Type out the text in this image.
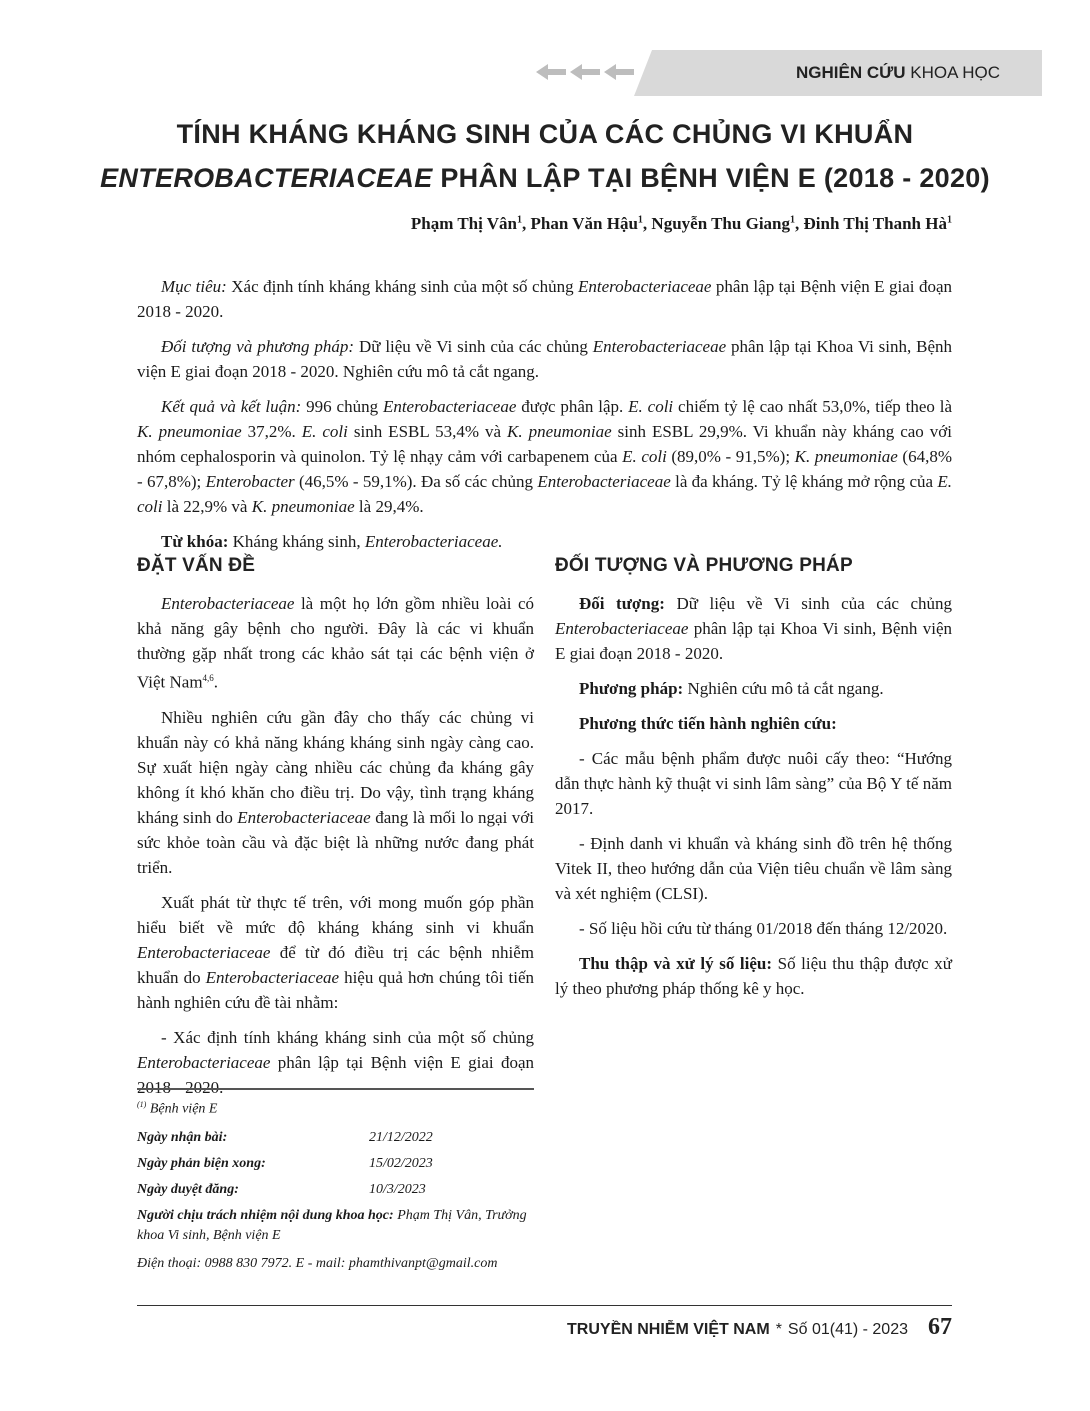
NGHIÊN CỨU KHOA HỌC
TÍNH KHÁNG KHÁNG SINH CỦA CÁC CHỦNG VI KHUẨN
ENTEROBACTERIACEAE PHÂN LẬP TẠI BỆNH VIỆN E (2018 - 2020)
Phạm Thị Vân$^1$, Phan Văn Hậu$^1$, Nguyễn Thu Giang$^1$, Đinh Thị Thanh $Hà^1$

Mục tiêu: Xác định tính kháng kháng sinh của một số chủng Enterobacteriaceae phân lập tại Bệnh viện E giai đoạn 2018 - 2020.

Đối tượng và phương pháp: Dữ liệu về Vi sinh của các chủng Enterobacteriaceae phân lập tại Khoa Vi sinh, Bệnh viện E giai đoạn 2018 - 2020. Nghiên cứu mô tả cắt ngang.

Kết quả và kết luận: 996 chủng Enterobacteriaceae được phân lập. E. coli chiếm tỷ lệ cao nhất 53,0%, tiếp theo là K. pneumoniae 37,2%. E. coli sinh ESBL 53,4% và K. pneumoniae sinh ESBL 29,9%. Vi khuẩn này kháng cao với nhóm cephalosporin và quinolon. Tỷ lệ nhạy cảm với carbapenem của E. coli (89,0% - 91,5%); K. pneumoniae (64,8% - 67,8%); Enterobacter (46,5% - 59,1%). Đa số các chủng Enterobacteriaceae là đa kháng. Tỷ lệ kháng mở rộng của E. coli là 22,9% và K. pneumoniae là 29,4%.

Từ khóa: Kháng kháng sinh, Enterobacteriaceae.

ĐẶT VẤN ĐỀ

Enterobacteriaceae là một họ lớn gồm nhiều loài có khả năng gây bệnh cho người. Đây là các vi khuẩn thường gặp nhất trong các khảo sát tại các bệnh viện ở Việt Nam$^{4,6}$.

Nhiều nghiên cứu gần đây cho thấy các chủng vi khuẩn này có khả năng kháng kháng sinh ngày càng cao. Sự xuất hiện ngày càng nhiều các chủng đa kháng gây không ít khó khăn cho điều trị. Do vậy, tình trạng kháng kháng sinh do Enterobacteriaceae đang là mối lo ngại với sức khỏe toàn cầu và đặc biệt là những nước đang phát triển.

Xuất phát từ thực tế trên, với mong muốn góp phần hiểu biết về mức độ kháng kháng sinh vi khuẩn Enterobacteriaceae để từ đó điều trị các bệnh nhiễm khuẩn do Enterobacteriaceae hiệu quả hơn chúng tôi tiến hành nghiên cứu đề tài nhằm:

- Xác định tính kháng kháng sinh của một số chủng Enterobacteriaceae phân lập tại Bệnh viện E giai đoạn

ĐỐI TƯỢNG VÀ PHƯƠNG PHÁP

Đối tượng: Dữ liệu về Vi sinh của các chủng Enterobacteriaceae phân lập tại Khoa Vi sinh, Bệnh viện E giai đoạn 2018 - 2020.

Phương pháp: Nghiên cứu mô tả cắt ngang.

Phương thức tiến hành nghiên cứu:

- Các mẫu bệnh phẩm được nuôi cấy theo: “Hướng dẫn thực hành kỹ thuật vi sinh lâm sàng” của Bộ Y tế năm 2017.

- Định danh vi khuẩn và kháng sinh đồ trên hệ thống Vitek II, theo hướng dẫn của Viện tiêu chuẩn về lâm sàng và xét nghiệm (CLSI).

- Số liệu hồi cứu từ tháng 01/2018 đến tháng 12/2020.

Thu thập và xử lý số liệu: Số liệu thu thập được xử lý theo phương pháp thống kê y học.

$^{(1)}$ Bệnh viện E
Ngày nhận bài:	21/12/2022
Ngày phản biện xong:	15/02/2023
Ngày duyệt đăng:	10/3/2023
Người chịu trách nhiệm nội dung khoa học: Phạm Thị Vân, Trưởng khoa Vi sinh, Bệnh viện E
Điện thoại: 0988 830 7972. E - mail: phamthivanpt@gmail.com
TRUYỀN NHIỄM VIỆT NAM * Số 01(41) - 2023 67
